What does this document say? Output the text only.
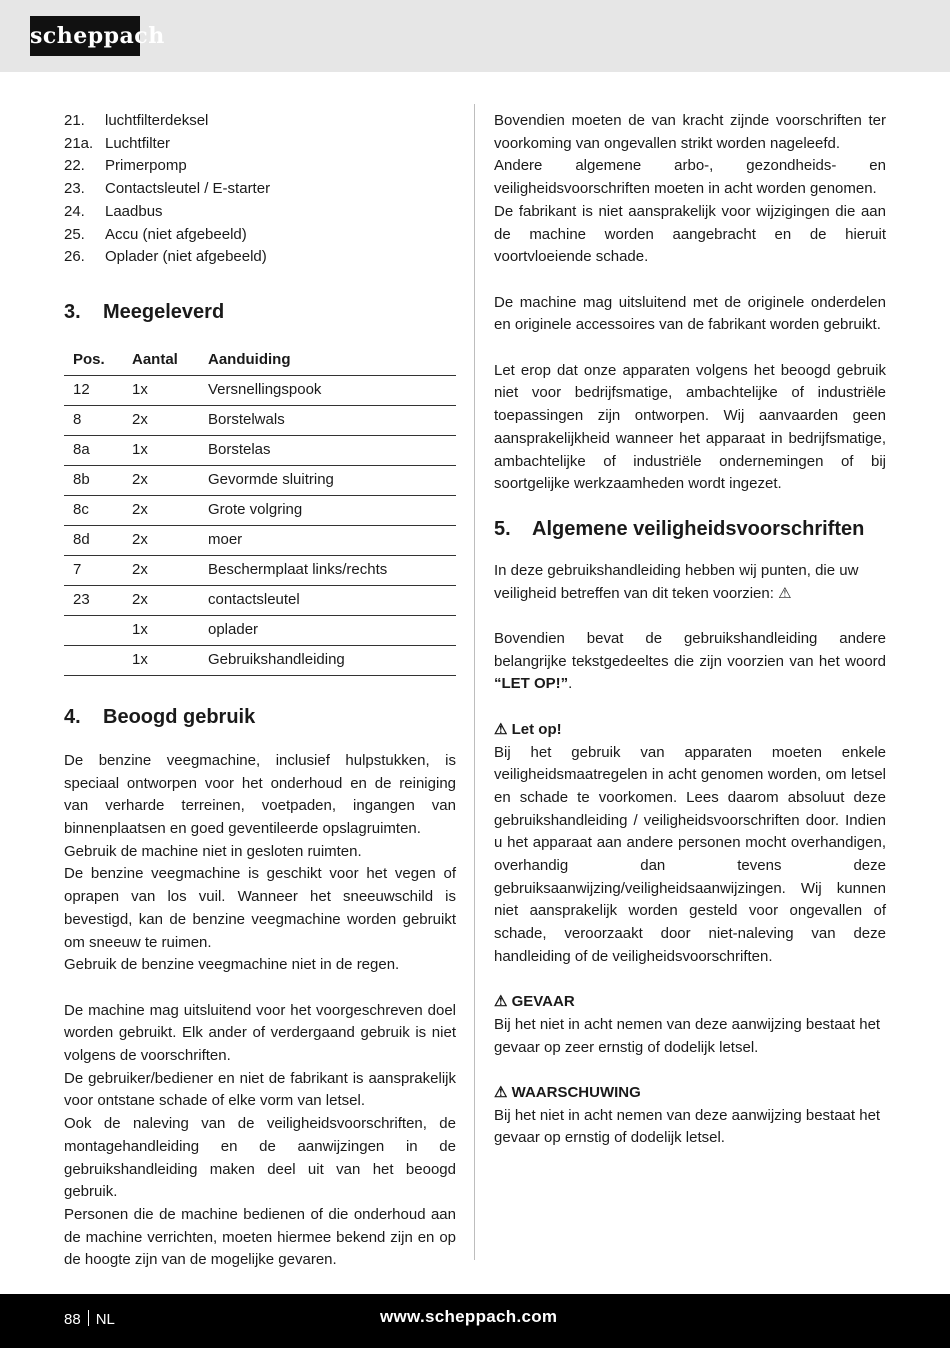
scheppach
21.	luchtfilterdeksel
21a. Luchtfilter
22.	Primerpomp
23.	Contactsleutel / E-starter
24.	Laadbus
25.	Accu (niet afgebeeld)
26.	Oplader (niet afgebeeld)
3.	Meegeleverd
Pos.	Aantal	Aanduiding
12	1x	Versnellingspook
8	2x	Borstelwals
8a	1x	Borstelas
8b	2x	Gevormde sluitring
8c	2x	Grote volgring
8d	2x	moer
7	2x	Beschermplaat links/rechts
23	2x	contactsleutel
	1x	oplader
	1x	Gebruikshandleiding
4.	Beoogd gebruik

De benzine veegmachine, inclusief hulpstukken, is speciaal ontworpen voor het onderhoud en de reiniging van verharde terreinen, voetpaden, ingangen van binnenplaatsen en goed geventileerde opslagruimten.

Gebruik de machine niet in gesloten ruimten.

De benzine veegmachine is geschikt voor het vegen of oprapen van los vuil. Wanneer het sneeuwschild is bevestigd, kan de benzine veegmachine worden gebruikt om sneeuw te ruimen.

Gebruik de benzine veegmachine niet in de regen.

De machine mag uitsluitend voor het voorgeschreven doel worden gebruikt. Elk ander of verdergaand gebruik is niet volgens de voorschriften.

De gebruiker/bediener en niet de fabrikant is aansprakelijk voor ontstane schade of elke vorm van letsel.

Ook de naleving van de veiligheidsvoorschriften, de montagehandleiding en de aanwijzingen in de gebruikshandleiding maken deel uit van het beoogd gebruik.

Personen die de machine bedienen of die onderhoud aan de machine verrichten, moeten hiermee bekend zijn en op de hoogte zijn van de mogelijke gevaren.

Bovendien moeten de van kracht zijnde voorschriften ter voorkoming van ongevallen strikt worden nageleefd.

Andere algemene arbo-, gezondheids- en veiligheidsvoorschriften moeten in acht worden genomen.

De fabrikant is niet aansprakelijk voor wijzigingen die aan de machine worden aangebracht en de hieruit voortvloeiende schade.

De machine mag uitsluitend met de originele onderdelen en originele accessoires van de fabrikant worden gebruikt.

Let erop dat onze apparaten volgens het beoogd gebruik niet voor bedrijfsmatige, ambachtelijke of industriële toepassingen zijn ontworpen. Wij aanvaarden geen aansprakelijkheid wanneer het apparaat in bedrijfsmatige, ambachtelijke of industriële ondernemingen of bij soortgelijke werkzaamheden wordt ingezet.

5.	Algemene veiligheidsvoorschriften

In deze gebruikshandleiding hebben wij punten, die uw veiligheid betreffen van dit teken voorzien: ⚠

Bovendien bevat de gebruikshandleiding andere belangrijke tekstgedeeltes die zijn voorzien van het woord “LET OP!”.

⚠ Let op!

Bij het gebruik van apparaten moeten enkele veiligheidsmaatregelen in acht genomen worden, om letsel en schade te voorkomen. Lees daarom absoluut deze gebruikshandleiding / veiligheidsvoorschriften door. Indien u het apparaat aan andere personen mocht overhandigen, overhandig dan tevens deze gebruiksaanwijzing/veiligheidsaanwijzingen. Wij kunnen niet aansprakelijk worden gesteld voor ongevallen of schade, veroorzaakt door niet-naleving van deze handleiding of de veiligheidsvoorschriften.

⚠ GEVAAR

Bij het niet in acht nemen van deze aanwijzing bestaat het gevaar op zeer ernstig of dodelijk letsel.

⚠ WAARSCHUWING

Bij het niet in acht nemen van deze aanwijzing bestaat het gevaar op ernstig of dodelijk letsel.

88 NL	www.scheppach.com
